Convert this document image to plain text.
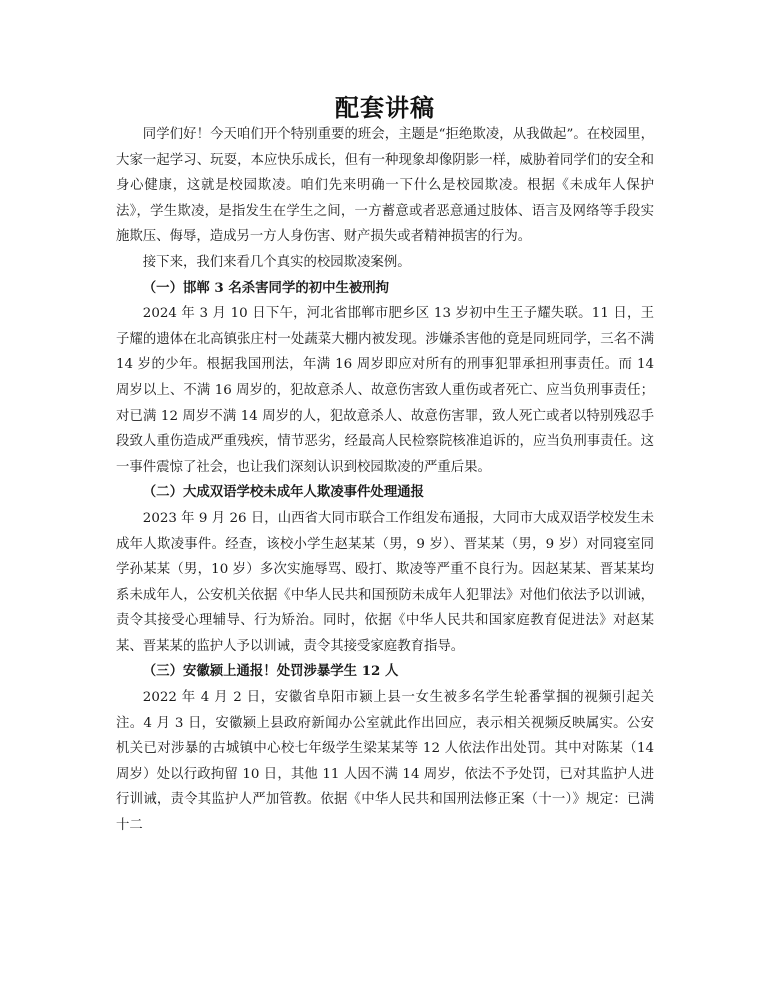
配套讲稿

同学们好！今天咱们开个特别重要的班会，主题是“拒绝欺凌，从我做起”。在校园里，大家一起学习、玩耍，本应快乐成长，但有一种现象却像阴影一样，威胁着同学们的安全和身心健康，这就是校园欺凌。咱们先来明确一下什么是校园欺凌。根据《未成年人保护法》，学生欺凌，是指发生在学生之间，一方蓄意或者恶意通过肢体、语言及网络等手段实施欺压、侮辱，造成另一方人身伤害、财产损失或者精神损害的行为。

接下来，我们来看几个真实的校园欺凌案例。

（一）邯郸 3 名杀害同学的初中生被刑拘

2024 年 3 月 10 日下午，河北省邯郸市肥乡区 13 岁初中生王子耀失联。11 日，王子耀的遗体在北高镇张庄村一处蔬菜大棚内被发现。涉嫌杀害他的竟是同班同学，三名不满 14 岁的少年。根据我国刑法，年满 16 周岁即应对所有的刑事犯罪承担刑事责任。而 14 周岁以上、不满 16 周岁的，犯故意杀人、故意伤害致人重伤或者死亡、应当负刑事责任；对已满 12 周岁不满 14 周岁的人，犯故意杀人、故意伤害罪，致人死亡或者以特别残忍手段致人重伤造成严重残疾，情节恶劣，经最高人民检察院核准追诉的，应当负刑事责任。这一事件震惊了社会，也让我们深刻认识到校园欺凌的严重后果。

（二）大成双语学校未成年人欺凌事件处理通报

2023 年 9 月 26 日，山西省大同市联合工作组发布通报，大同市大成双语学校发生未成年人欺凌事件。经查，该校小学生赵某某（男，9 岁）、晋某某（男，9 岁）对同寝室同学孙某某（男，10 岁）多次实施辱骂、殴打、欺凌等严重不良行为。因赵某某、晋某某均系未成年人，公安机关依据《中华人民共和国预防未成年人犯罪法》对他们依法予以训诫，责令其接受心理辅导、行为矫治。同时，依据《中华人民共和国家庭教育促进法》对赵某某、晋某某的监护人予以训诫，责令其接受家庭教育指导。

（三）安徽颍上通报！处罚涉暴学生 12 人

2022 年 4 月 2 日，安徽省阜阳市颍上县一女生被多名学生轮番掌掴的视频引起关注。4 月 3 日，安徽颍上县政府新闻办公室就此作出回应，表示相关视频反映属实。公安机关已对涉暴的古城镇中心校七年级学生梁某某等 12 人依法作出处罚。其中对陈某（14 周岁）处以行政拘留 10 日，其他 11 人因不满 14 周岁，依法不予处罚，已对其监护人进行训诫，责令其监护人严加管教。依据《中华人民共和国刑法修正案（十一）》规定：已满十二
